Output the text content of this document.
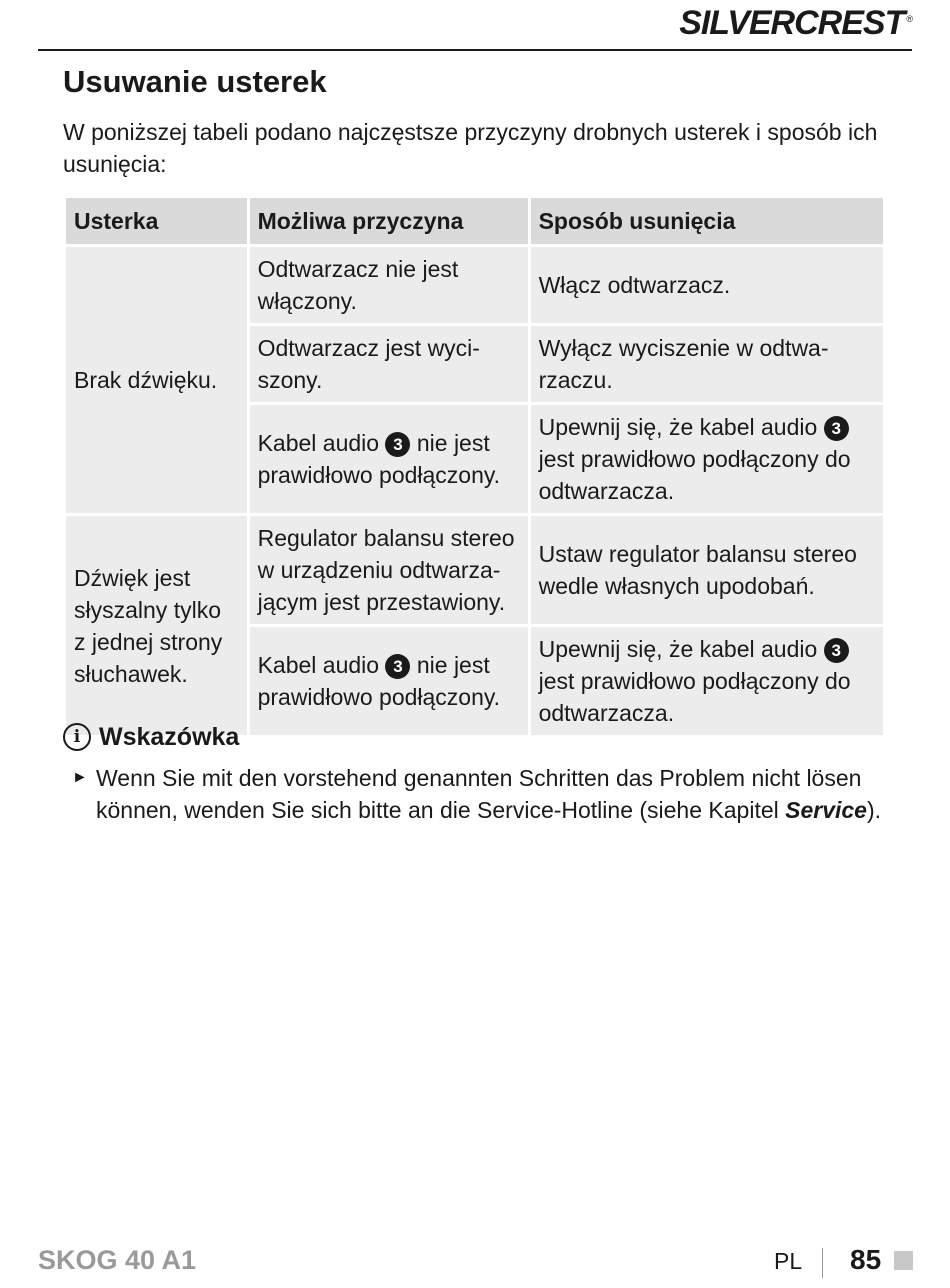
SILVERCREST ®
Usuwanie usterek

W poniższej tabeli podano najczęstsze przyczyny drobnych usterek i sposób ich usunięcia:

Usterka	Możliwa przyczyna	Sposób usunięcia
Brak dźwięku.	Odtwarzacz nie jest włączony.	Włącz odtwarzacz.
	Odtwarzacz jest wyci-szony.	Wyłącz wyciszenie w odtwa-rzaczu.
	Kabel audio 3 nie jest prawidłowo podłączony.	Upewnij się, że kabel audio 3 jest prawidłowo podłączony do odtwarzacza.
Dźwięk jest słyszalny tylko z jednej strony słuchawek.	Regulator balansu stereo w urządzeniu odtwarza-jącym jest przestawiony.	Ustaw regulator balansu stereo wedle własnych upodobań.
	Kabel audio 3 nie jest prawidłowo podłączony.	Upewnij się, że kabel audio 3 jest prawidłowo podłączony do odtwarzacza.
i Wskazówka
► Wenn Sie mit den vorstehend genannten Schritten das Problem nicht lösen können, wenden Sie sich bitte an die Service-Hotline (siehe Kapitel Service).
SKOG 40 A1	PL 85
